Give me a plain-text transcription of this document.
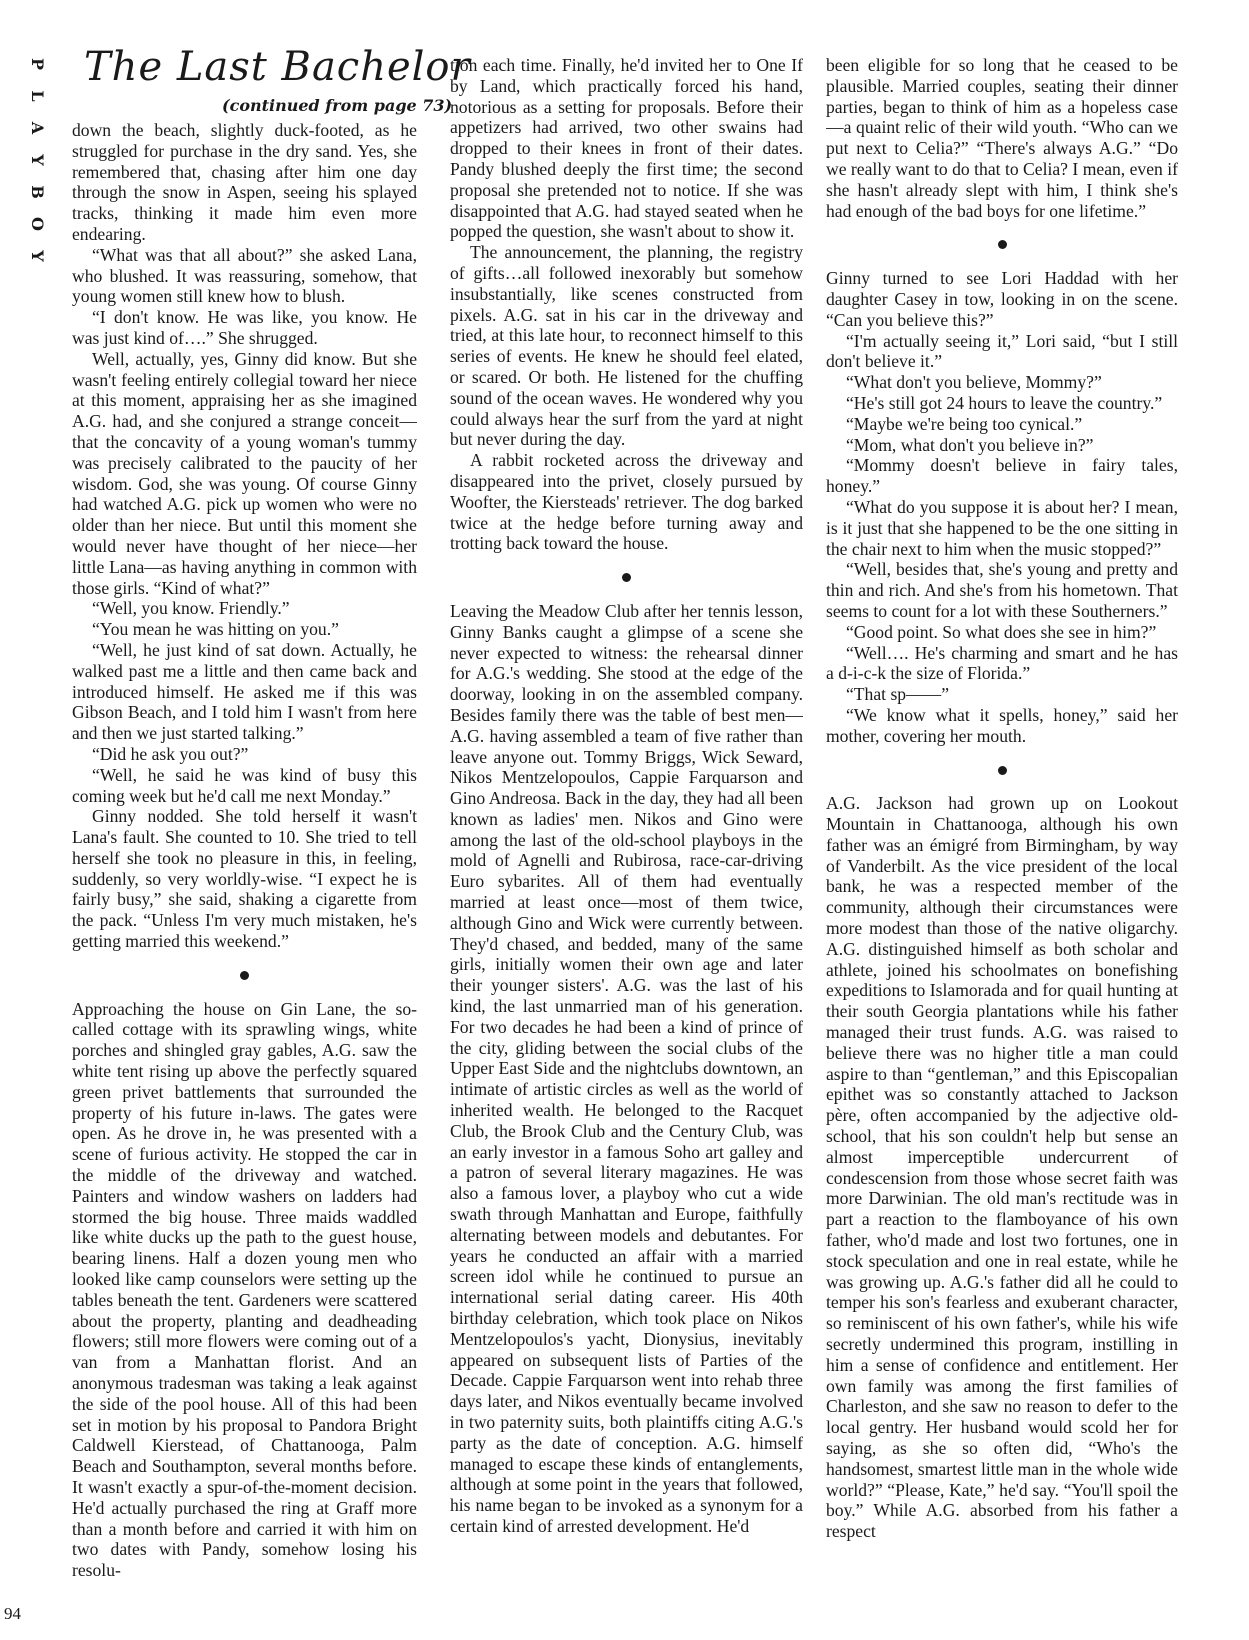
P
L
A
Y
B
O
Y
The Last Bachelor
(continued from page 73)

down the beach, slightly duck-footed, as he struggled for purchase in the dry sand. Yes, she remembered that, chasing after him one day through the snow in Aspen, seeing his splayed tracks, thinking it made him even more endearing.

“What was that all about?” she asked Lana, who blushed. It was reassuring, somehow, that young women still knew how to blush.

“I don't know. He was like, you know. He was just kind of….” She shrugged.

Well, actually, yes, Ginny did know. But she wasn't feeling entirely collegial toward her niece at this moment, appraising her as she imagined A.G. had, and she conjured a strange conceit—that the concavity of a young woman's tummy was precisely calibrated to the paucity of her wisdom. God, she was young. Of course Ginny had watched A.G. pick up women who were no older than her niece. But until this moment she would never have thought of her niece—her little Lana—as having anything in common with those girls. “Kind of what?”

“Well, you know. Friendly.”

“You mean he was hitting on you.”

“Well, he just kind of sat down. Actually, he walked past me a little and then came back and introduced himself. He asked me if this was Gibson Beach, and I told him I wasn't from here and then we just started talking.”

“Did he ask you out?”

“Well, he said he was kind of busy this coming week but he'd call me next Monday.”

Ginny nodded. She told herself it wasn't Lana's fault. She counted to 10. She tried to tell herself she took no pleasure in this, in feeling, suddenly, so very worldly-wise. “I expect he is fairly busy,” she said, shaking a cigarette from the pack. “Unless I'm very much mistaken, he's getting married this weekend.”

Approaching the house on Gin Lane, the so-called cottage with its sprawling wings, white porches and shingled gray gables, A.G. saw the white tent rising up above the perfectly squared green privet battlements that surrounded the property of his future in-laws. The gates were open. As he drove in, he was presented with a scene of furious activity. He stopped the car in the middle of the driveway and watched. Painters and window washers on ladders had stormed the big house. Three maids waddled like white ducks up the path to the guest house, bearing linens. Half a dozen young men who looked like camp counselors were setting up the tables beneath the tent. Gardeners were scattered about the property, planting and deadheading flowers; still more flowers were coming out of a van from a Manhattan florist. And an anonymous tradesman was taking a leak against the side of the pool house. All of this had been set in motion by his proposal to Pandora Bright Caldwell Kierstead, of Chattanooga, Palm Beach and Southampton, several months before. It wasn't exactly a spur-of-the-moment decision. He'd actually purchased the ring at Graff more than a month before and carried it with him on two dates with Pandy, somehow losing his resolu-

tion each time. Finally, he'd invited her to One If by Land, which practically forced his hand, notorious as a setting for proposals. Before their appetizers had arrived, two other swains had dropped to their knees in front of their dates. Pandy blushed deeply the first time; the second proposal she pretended not to notice. If she was disappointed that A.G. had stayed seated when he popped the question, she wasn't about to show it.

The announcement, the planning, the registry of gifts…all followed inexorably but somehow insubstantially, like scenes constructed from pixels. A.G. sat in his car in the driveway and tried, at this late hour, to reconnect himself to this series of events. He knew he should feel elated, or scared. Or both. He listened for the chuffing sound of the ocean waves. He wondered why you could always hear the surf from the yard at night but never during the day.

A rabbit rocketed across the driveway and disappeared into the privet, closely pursued by Woofter, the Kiersteads' retriever. The dog barked twice at the hedge before turning away and trotting back toward the house.

Leaving the Meadow Club after her tennis lesson, Ginny Banks caught a glimpse of a scene she never expected to witness: the rehearsal dinner for A.G.'s wedding. She stood at the edge of the doorway, looking in on the assembled company. Besides family there was the table of best men—A.G. having assembled a team of five rather than leave anyone out. Tommy Briggs, Wick Seward, Nikos Mentzelopoulos, Cappie Farquarson and Gino Andreosa. Back in the day, they had all been known as ladies' men. Nikos and Gino were among the last of the old-school playboys in the mold of Agnelli and Rubirosa, race-car-driving Euro sybarites. All of them had eventually married at least once—most of them twice, although Gino and Wick were currently between. They'd chased, and bedded, many of the same girls, initially women their own age and later their younger sisters'. A.G. was the last of his kind, the last unmarried man of his generation. For two decades he had been a kind of prince of the city, gliding between the social clubs of the Upper East Side and the nightclubs downtown, an intimate of artistic circles as well as the world of inherited wealth. He belonged to the Racquet Club, the Brook Club and the Century Club, was an early investor in a famous Soho art galley and a patron of several literary magazines. He was also a famous lover, a playboy who cut a wide swath through Manhattan and Europe, faithfully alternating between models and debutantes. For years he conducted an affair with a married screen idol while he continued to pursue an international serial dating career. His 40th birthday celebration, which took place on Nikos Mentzelopoulos's yacht, Dionysius, inevitably appeared on subsequent lists of Parties of the Decade. Cappie Farquarson went into rehab three days later, and Nikos eventually became involved in two paternity suits, both plaintiffs citing A.G.'s party as the date of conception. A.G. himself managed to escape these kinds of entanglements, although at some point in the years that followed, his name began to be invoked as a synonym for a certain kind of arrested development. He'd

been eligible for so long that he ceased to be plausible. Married couples, seating their dinner parties, began to think of him as a hopeless case—a quaint relic of their wild youth. “Who can we put next to Celia?” “There's always A.G.” “Do we really want to do that to Celia? I mean, even if she hasn't already slept with him, I think she's had enough of the bad boys for one lifetime.”

Ginny turned to see Lori Haddad with her daughter Casey in tow, looking in on the scene. “Can you believe this?”

“I'm actually seeing it,” Lori said, “but I still don't believe it.”

“What don't you believe, Mommy?”

“He's still got 24 hours to leave the country.”

“Maybe we're being too cynical.”

“Mom, what don't you believe in?”

“Mommy doesn't believe in fairy tales, honey.”

“What do you suppose it is about her? I mean, is it just that she happened to be the one sitting in the chair next to him when the music stopped?”

“Well, besides that, she's young and pretty and thin and rich. And she's from his hometown. That seems to count for a lot with these Southerners.”

“Good point. So what does she see in him?”

“Well…. He's charming and smart and he has a d-i-c-k the size of Florida.”

“That sp——”

“We know what it spells, honey,” said her mother, covering her mouth.

A.G. Jackson had grown up on Lookout Mountain in Chattanooga, although his own father was an émigré from Birmingham, by way of Vanderbilt. As the vice president of the local bank, he was a respected member of the community, although their circumstances were more modest than those of the native oligarchy. A.G. distinguished himself as both scholar and athlete, joined his schoolmates on bonefishing expeditions to Islamorada and for quail hunting at their south Georgia plantations while his father managed their trust funds. A.G. was raised to believe there was no higher title a man could aspire to than “gentleman,” and this Episcopalian epithet was so constantly attached to Jackson père, often accompanied by the adjective old-school, that his son couldn't help but sense an almost imperceptible undercurrent of condescension from those whose secret faith was more Darwinian. The old man's rectitude was in part a reaction to the flamboyance of his own father, who'd made and lost two fortunes, one in stock speculation and one in real estate, while he was growing up. A.G.'s father did all he could to temper his son's fearless and exuberant character, so reminiscent of his own father's, while his wife secretly undermined this program, instilling in him a sense of confidence and entitlement. Her own family was among the first families of Charleston, and she saw no reason to defer to the local gentry. Her husband would scold her for saying, as she so often did, “Who's the handsomest, smartest little man in the whole wide world?” “Please, Kate,” he'd say. “You'll spoil the boy.” While A.G. absorbed from his father a respect

94
